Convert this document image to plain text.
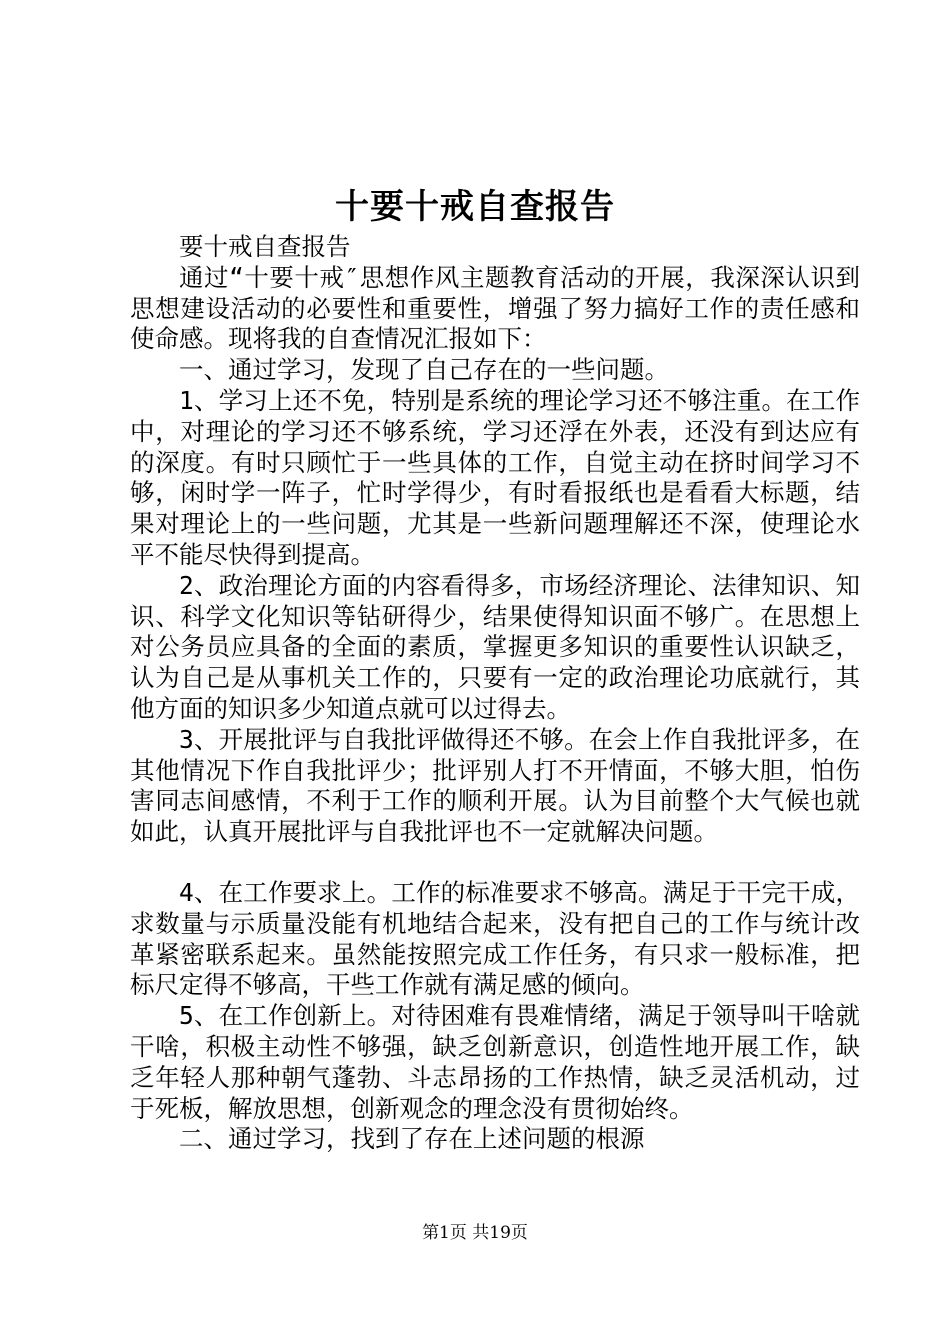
十要十戒自查报告

要十戒自查报告

通过“十要十戒″思想作风主题教育活动的开展，我深深认识到思想建设活动的必要性和重要性，增强了努力搞好工作的责任感和使命感。现将我的自查情况汇报如下：

一、通过学习，发现了自己存在的一些问题。

1、学习上还不免，特别是系统的理论学习还不够注重。在工作中，对理论的学习还不够系统，学习还浮在外表，还没有到达应有的深度。有时只顾忙于一些具体的工作，自觉主动在挤时间学习不够，闲时学一阵子，忙时学得少，有时看报纸也是看看大标题，结果对理论上的一些问题，尤其是一些新问题理解还不深，使理论水平不能尽快得到提高。

2、政治理论方面的内容看得多，市场经济理论、法律知识、知识、科学文化知识等钻研得少，结果使得知识面不够广。在思想上对公务员应具备的全面的素质，掌握更多知识的重要性认识缺乏，认为自己是从事机关工作的，只要有一定的政治理论功底就行，其他方面的知识多少知道点就可以过得去。

3、开展批评与自我批评做得还不够。在会上作自我批评多，在其他情况下作自我批评少；批评别人打不开情面，不够大胆，怕伤害同志间感情，不利于工作的顺利开展。认为目前整个大气候也就如此，认真开展批评与自我批评也不一定就解决问题。

4、在工作要求上。工作的标准要求不够高。满足于干完干成，求数量与示质量没能有机地结合起来，没有把自己的工作与统计改革紧密联系起来。虽然能按照完成工作任务，有只求一般标准，把标尺定得不够高，干些工作就有满足感的倾向。

5、在工作创新上。对待困难有畏难情绪，满足于领导叫干啥就干啥，积极主动性不够强，缺乏创新意识，创造性地开展工作，缺乏年轻人那种朝气蓬勃、斗志昂扬的工作热情，缺乏灵活机动，过于死板，解放思想，创新观念的理念没有贯彻始终。

二、通过学习，找到了存在上述问题的根源

第1页 共19页
